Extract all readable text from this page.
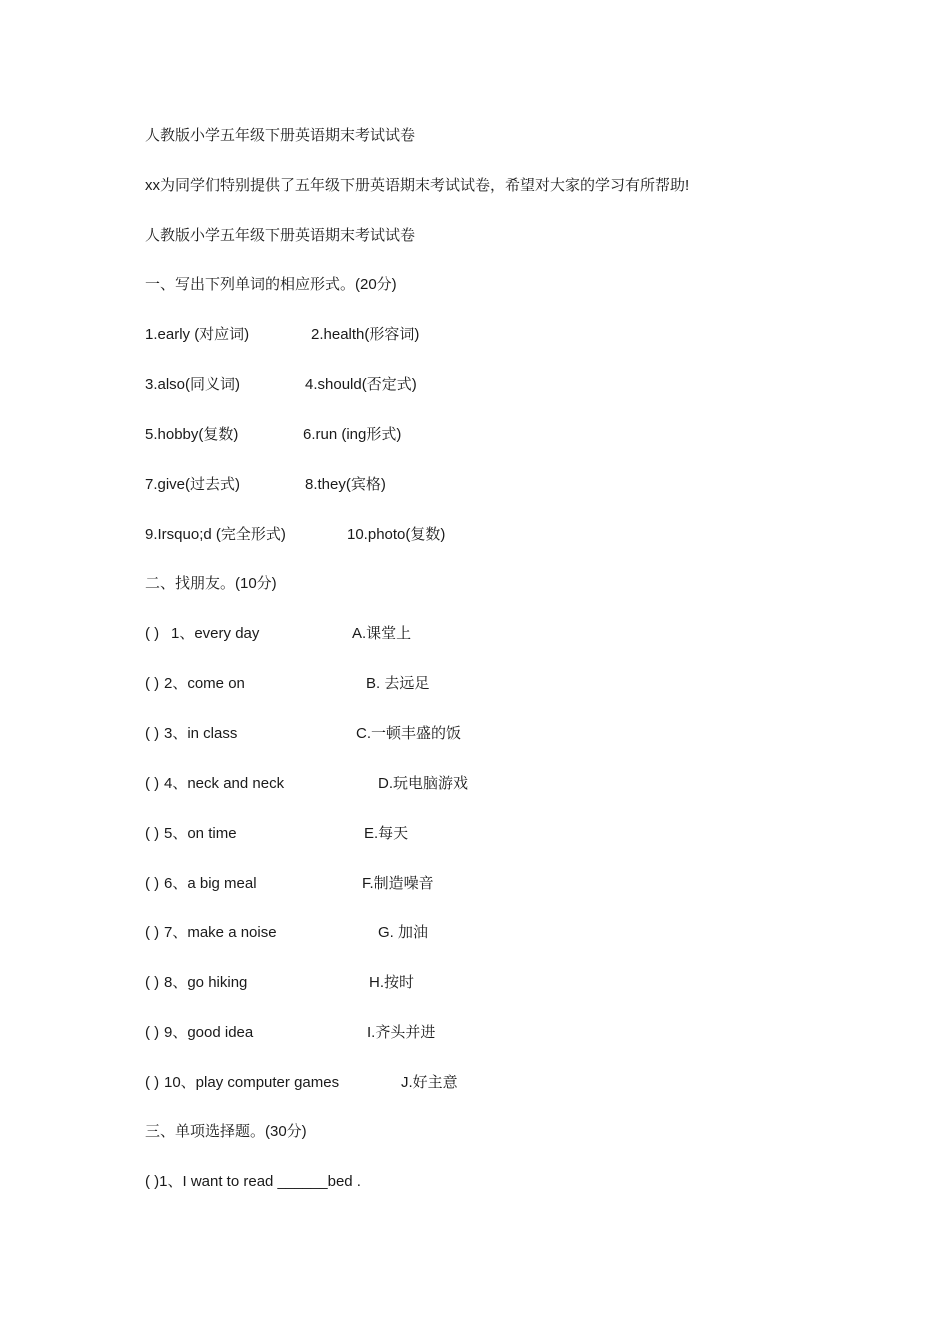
人教版小学五年级下册英语期末考试试卷
xx为同学们特别提供了五年级下册英语期末考试试卷，希望对大家的学习有所帮助!
人教版小学五年级下册英语期末考试试卷
一、写出下列单词的相应形式。(20分)
1.early (对应词)	2.health(形容词)
3.also(同义词)	4.should(否定式)
5.hobby(复数)	6.run (ing形式)
7.give(过去式)	8.they(宾格)
9.Irsquo;d (完全形式)	10.photo(复数)
二、找朋友。(10分)
( ) 1、every day	A.课堂上
( ) 2、come on	B. 去远足
( ) 3、in class	C.一顿丰盛的饭
( ) 4、neck and neck	D.玩电脑游戏
( ) 5、on time	E.每天
( ) 6、a big meal	F.制造噪音
( ) 7、make a noise	G. 加油
( ) 8、go hiking	H.按时
( ) 9、good idea	I.齐头并进
( ) 10、play computer games	J.好主意
三、单项选择题。(30分)
( )1、I want to read ______bed .
